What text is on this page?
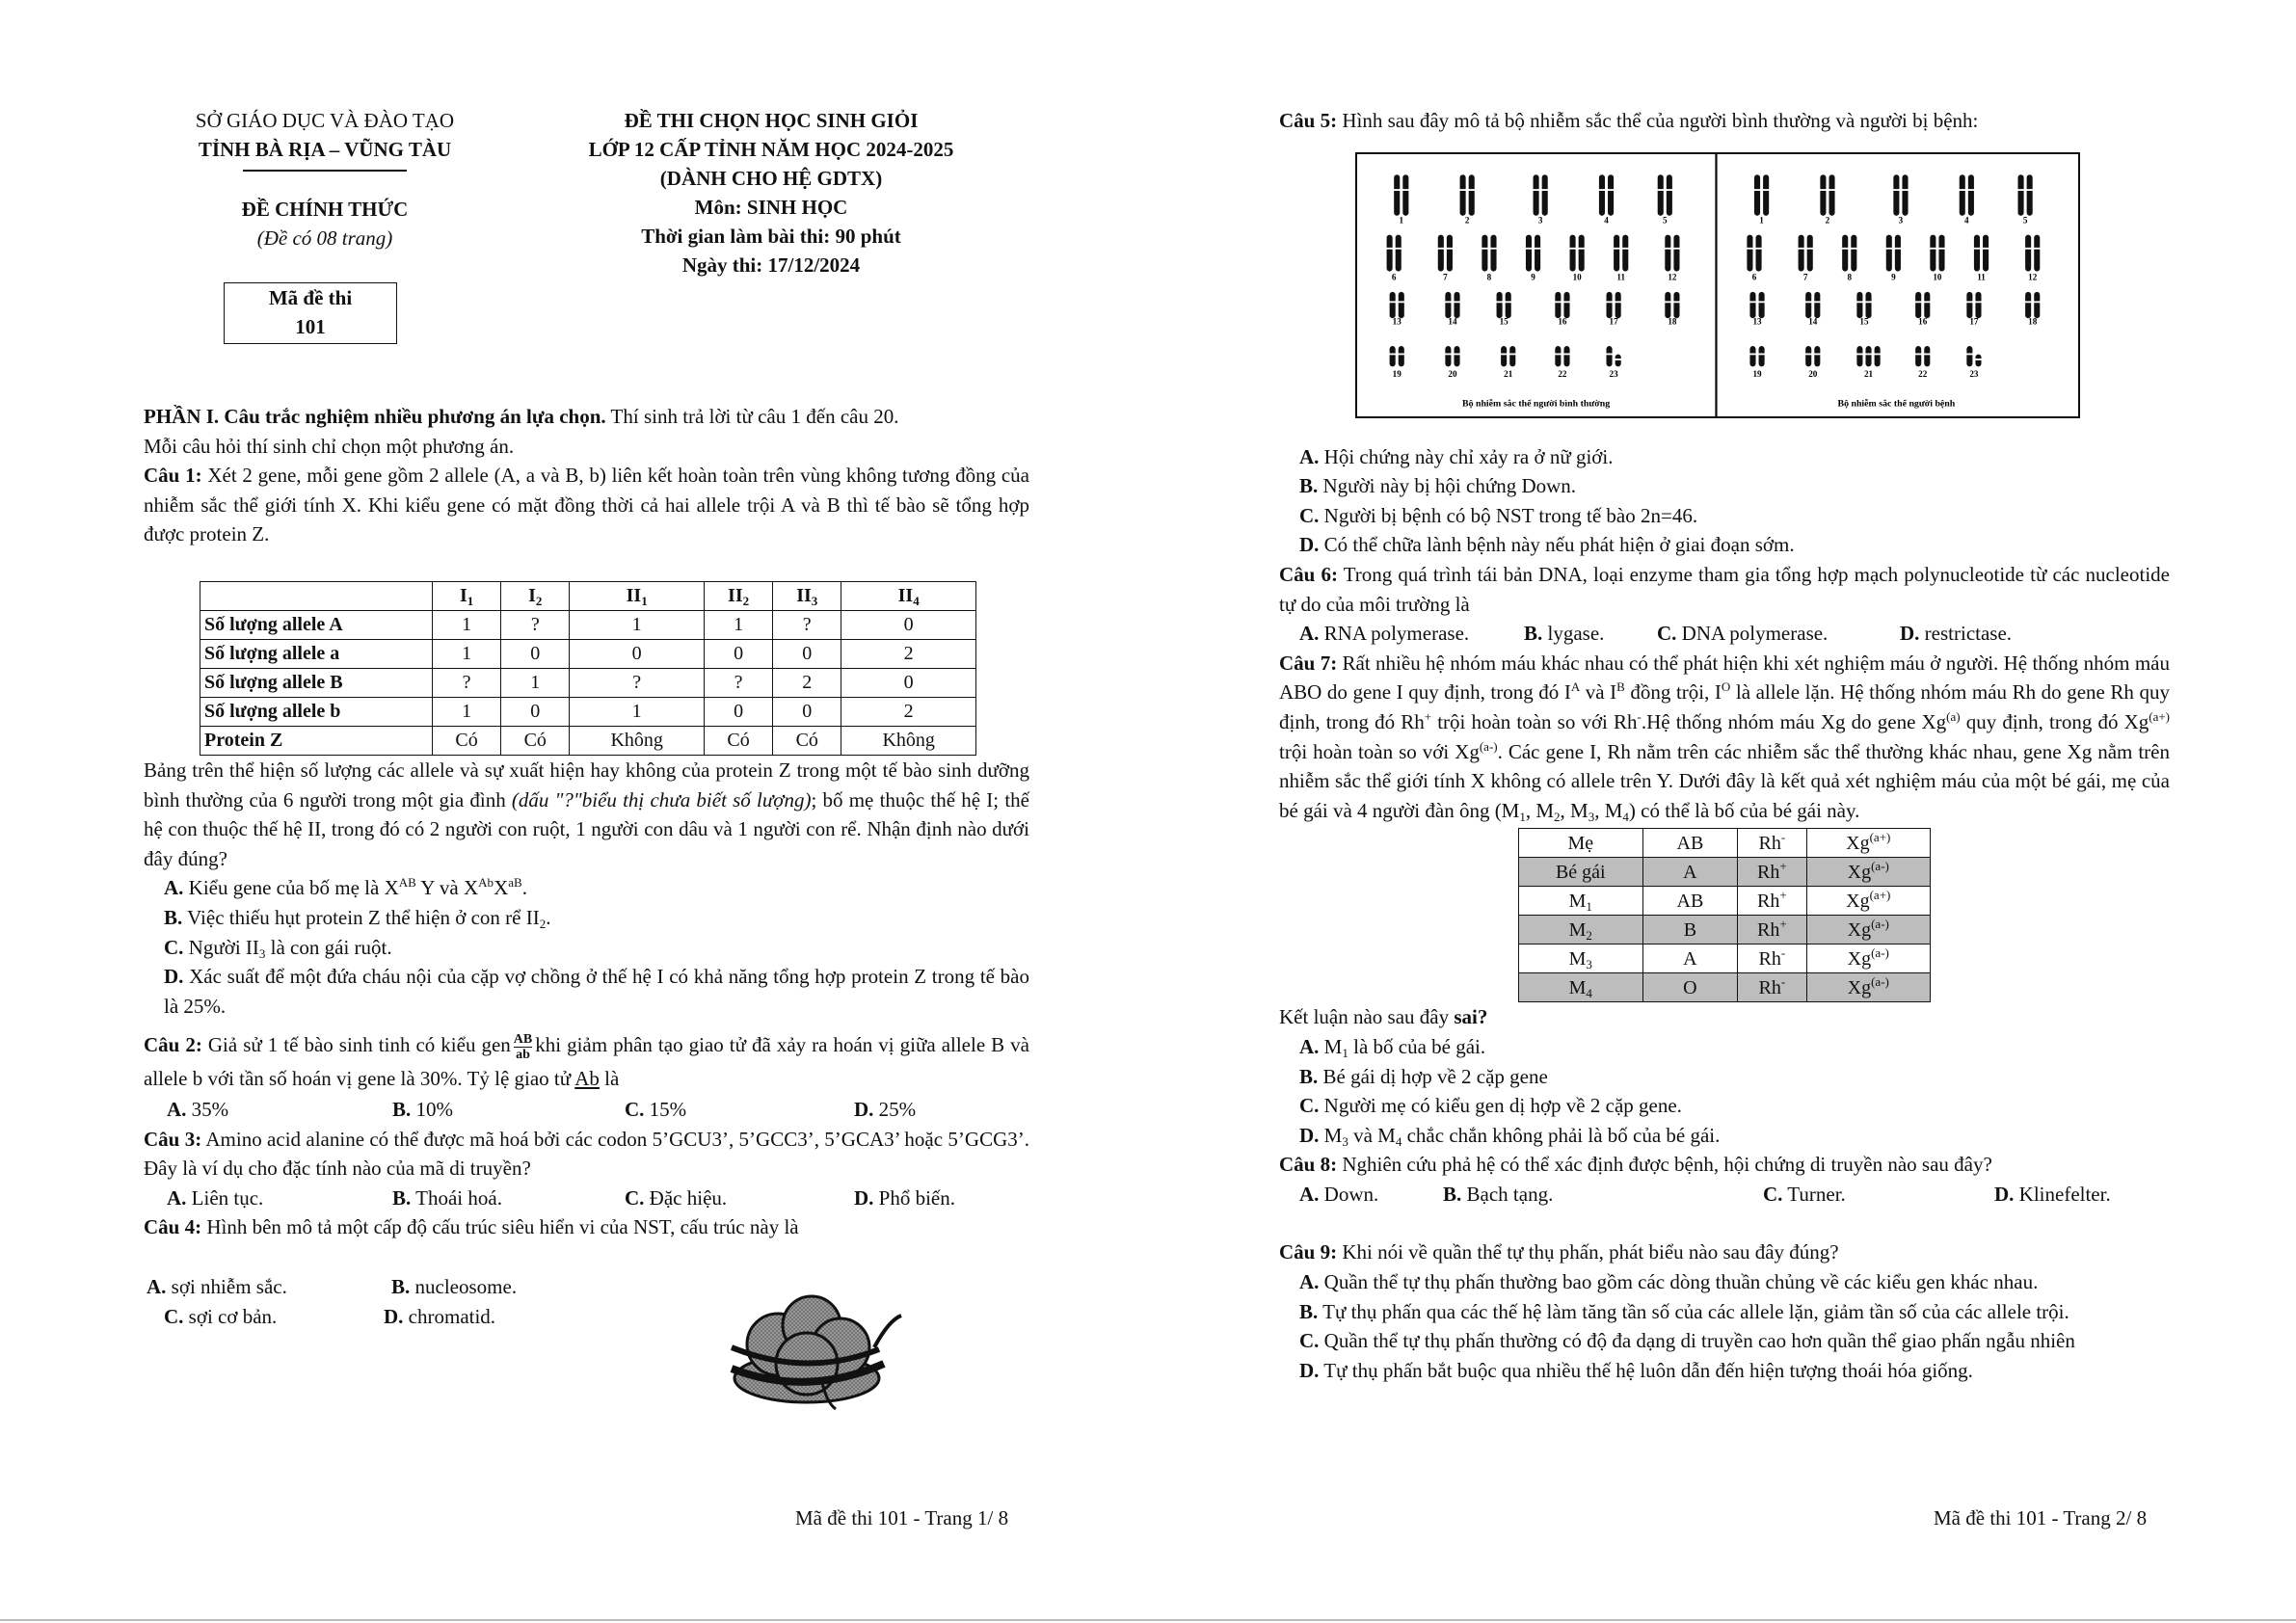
SỞ GIÁO DỤC VÀ ĐÀO TẠO
TỈNH BÀ RỊA – VŨNG TÀU
ĐỀ CHÍNH THỨC
(Đề có 08 trang)
Mã đề thi
101
ĐỀ THI CHỌN HỌC SINH GIỎI
LỚP 12 CẤP TỈNH NĂM HỌC 2024-2025
(DÀNH CHO HỆ GDTX)
Môn: SINH HỌC
Thời gian làm bài thi: 90 phút
Ngày thi: 17/12/2024
PHẦN I. Câu trắc nghiệm nhiều phương án lựa chọn. Thí sinh trả lời từ câu 1 đến câu 20.
Mỗi câu hỏi thí sinh chỉ chọn một phương án.
Câu 1: Xét 2 gene, mỗi gene gồm 2 allele (A, a và B, b) liên kết hoàn toàn trên vùng không tương đồng của nhiễm sắc thể giới tính X. Khi kiểu gene có mặt đồng thời cả hai allele trội A và B thì tế bào sẽ tổng hợp được protein Z.
	$I_1$	$I_2$	$II_1$	$II_2$	$II_3$	$II_4$
Số lượng allele A	1	?	1	1	?	0
Số lượng allele a	1	0	0	0	0	2
Số lượng allele B	?	1	?	?	2	0
Số lượng allele b	1	0	1	0	0	2
Protein Z	Có	Có	Không	Có	Có	Không
Bảng trên thể hiện số lượng các allele và sự xuất hiện hay không của protein Z trong một tế bào sinh dưỡng bình thường của 6 người trong một gia đình (dấu "?"biểu thị chưa biết số lượng); bố mẹ thuộc thế hệ I; thế hệ con thuộc thế hệ II, trong đó có 2 người con ruột, 1 người con dâu và 1 người con rể. Nhận định nào dưới đây đúng?
A. Kiểu gene của bố mẹ là $X^{AB}$ Y và $X^{Ab}X^{aB}$.
B. Việc thiếu hụt protein Z thể hiện ở con rể $II_2$.
C. Người $II_3$ là con gái ruột.
D. Xác suất để một đứa cháu nội của cặp vợ chồng ở thế hệ I có khả năng tổng hợp protein Z trong tế bào là 25%.
Câu 2: Giả sử 1 tế bào sinh tinh có kiểu gen $\frac{AB}{ab}$ khi giảm phân tạo giao tử đã xảy ra hoán vị giữa allele B và allele b với tần số hoán vị gene là 30%. Tỷ lệ giao tử Ab là
A. 35%	B. 10%	C. 15%	D. 25%
Câu 3: Amino acid alanine có thể được mã hoá bởi các codon 5’GCU3’, 5’GCC3’, 5’GCA3’ hoặc 5’GCG3’. Đây là ví dụ cho đặc tính nào của mã di truyền?
A. Liên tục.	B. Thoái hoá.	C. Đặc hiệu.	D. Phổ biến.
Câu 4: Hình bên mô tả một cấp độ cấu trúc siêu hiển vi của NST, cấu trúc này là
A. sợi nhiễm sắc.	B. nucleosome.
C. sợi cơ bản.	D. chromatid.
Mã đề thi 101 - Trang 1/ 8
Câu 5: Hình sau đây mô tả bộ nhiễm sắc thể của người bình thường và người bị bệnh:
1	2	3	4	5
6	7	8	9	10	11	12
13	14	15	16	17	18
19	20	21	22	23
Bộ nhiễm sắc thể người bình thường
1	2	3	4	5
6	7	8	9	10	11	12
13	14	15	16	17	18
19	20	21	22	23
Bộ nhiễm sắc thể người bệnh
A. Hội chứng này chỉ xảy ra ở nữ giới.
B. Người này bị hội chứng Down.
C. Người bị bệnh có bộ NST trong tế bào 2n=46.
D. Có thể chữa lành bệnh này nếu phát hiện ở giai đoạn sớm.
Câu 6: Trong quá trình tái bản DNA, loại enzyme tham gia tổng hợp mạch polynucleotide từ các nucleotide tự do của môi trường là
A. RNA polymerase.	B. lygase.	C. DNA polymerase.	D. restrictase.
Câu 7: Rất nhiều hệ nhóm máu khác nhau có thể phát hiện khi xét nghiệm máu ở người. Hệ thống nhóm máu ABO do gene I quy định, trong đó $I^A$ và $I^B$ đồng trội, $I^O$ là allele lặn. Hệ thống nhóm máu Rh do gene Rh quy định, trong đó Rh+ trội hoàn toàn so với Rh-.Hệ thống nhóm máu Xg do gene Xg$^{(a)}$ quy định, trong đó $Xg^{(a+)}$ trội hoàn toàn so với $Xg^{(a-)}$. Các gene I, Rh nằm trên các nhiễm sắc thể thường khác nhau, gene Xg nằm trên nhiễm sắc thể giới tính X không có allele trên Y. Dưới đây là kết quả xét nghiệm máu của một bé gái, mẹ của bé gái và 4 người đàn ông ($M_1$, $M_2$, $M_3$, $M_4$) có thể là bố của bé gái này.
Mẹ	AB	Rh-	$Xg^{(a+)}$
Bé gái	A	Rh+	$Xg^{(a-)}$
$M_1$	AB	Rh+	$Xg^{(a+)}$
$M_2$	B	Rh+	$Xg^{(a-)}$
$M_3$	A	Rh-	$Xg^{(a-)}$
$M_4$	O	Rh-	$Xg^{(a-)}$
Kết luận nào sau đây sai?
A. $M_1$ là bố của bé gái.
B. Bé gái dị hợp về 2 cặp gene
C. Người mẹ có kiểu gen dị hợp về 2 cặp gene.
D. $M_3$ và $M_4$ chắc chắn không phải là bố của bé gái.
Câu 8: Nghiên cứu phả hệ có thể xác định được bệnh, hội chứng di truyền nào sau đây?
A. Down.	B. Bạch tạng.	C. Turner.	D. Klinefelter.
Câu 9: Khi nói về quần thể tự thụ phấn, phát biểu nào sau đây đúng?
A. Quần thể tự thụ phấn thường bao gồm các dòng thuần chủng về các kiểu gen khác nhau.
B. Tự thụ phấn qua các thế hệ làm tăng tần số của các allele lặn, giảm tần số của các allele trội.
C. Quần thể tự thụ phấn thường có độ đa dạng di truyền cao hơn quần thể giao phấn ngẫu nhiên
D. Tự thụ phấn bắt buộc qua nhiều thế hệ luôn dẫn đến hiện tượng thoái hóa giống.
Mã đề thi 101 - Trang 2/ 8
